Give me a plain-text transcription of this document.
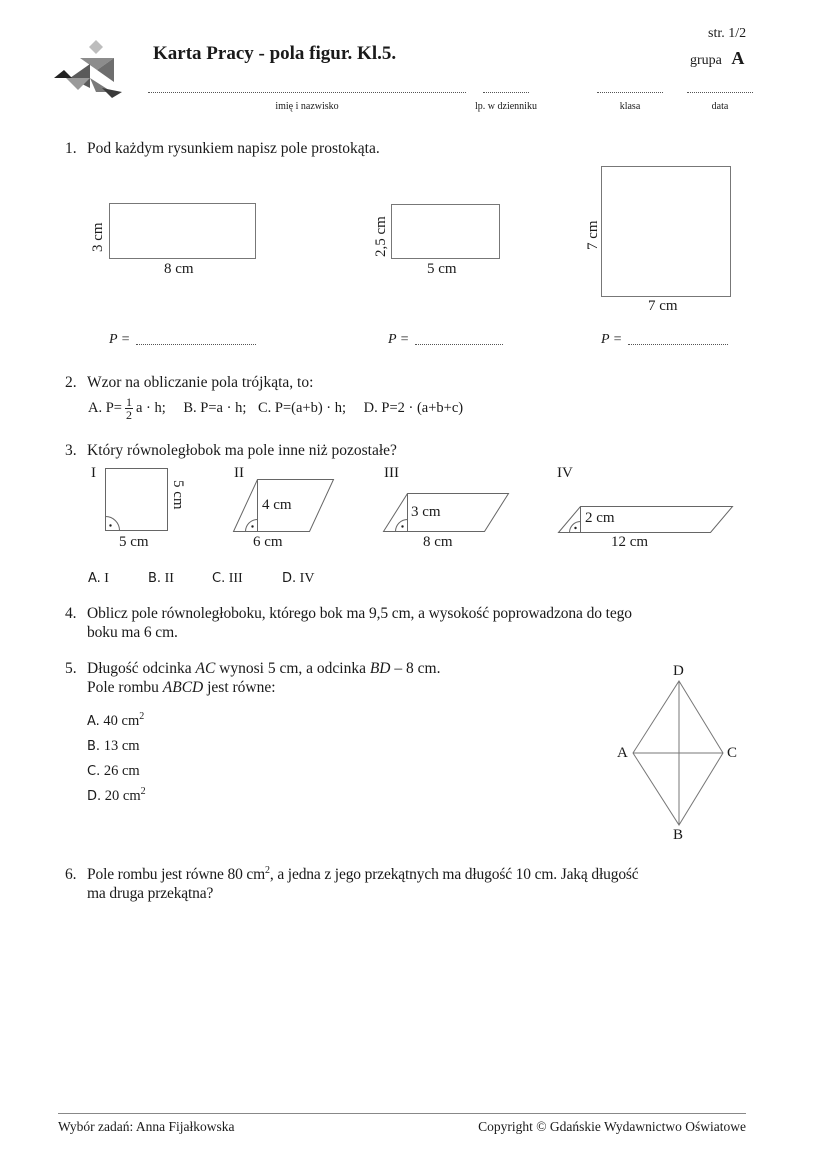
Karta Pracy - pola figur. Kl.5.
str. 1/2
grupa A
imię i nazwisko	lp. w dzienniku	klasa	data
1. Pod każdym rysunkiem napisz pole prostokąta.
3 cm
8 cm
2,5 cm
5 cm
7 cm
7 cm
P =	P =	P =
2. Wzor na obliczanie pola trójkąta, to:
A. $P= \frac{1}{2}$ a · h; B. P=a · h; C. P=(a+b) · h; D. P=2 · (a+b+c)
3. Który równoległobok ma pole inne niż pozostałe?
I
5 cm
5 cm
II
4 cm
6 cm
III
3 cm
8 cm
IV
2 cm
12 cm
A. I	B. II	C. III	D. IV
4. Oblicz pole równoległoboku, którego bok ma 9,5 cm, a wysokość poprowadzona do tego
boku ma 6 cm.
5. Długość odcinka AC wynosi 5 cm, a odcinka BD – 8 cm.
Pole rombu ABCD jest równe:
A. 40 $cm^2$
B. 13 cm
C. 26 cm
D. 20 $cm^2$
D
A	C
B
6. Pole rombu jest równe 80 $cm^2$, a jedna z jego przekątnych ma długość 10 cm. Jaką długość
ma druga przekątna?
Wybór zadań: Anna Fijałkowska	Copyright © Gdańskie Wydawnictwo Oświatowe
